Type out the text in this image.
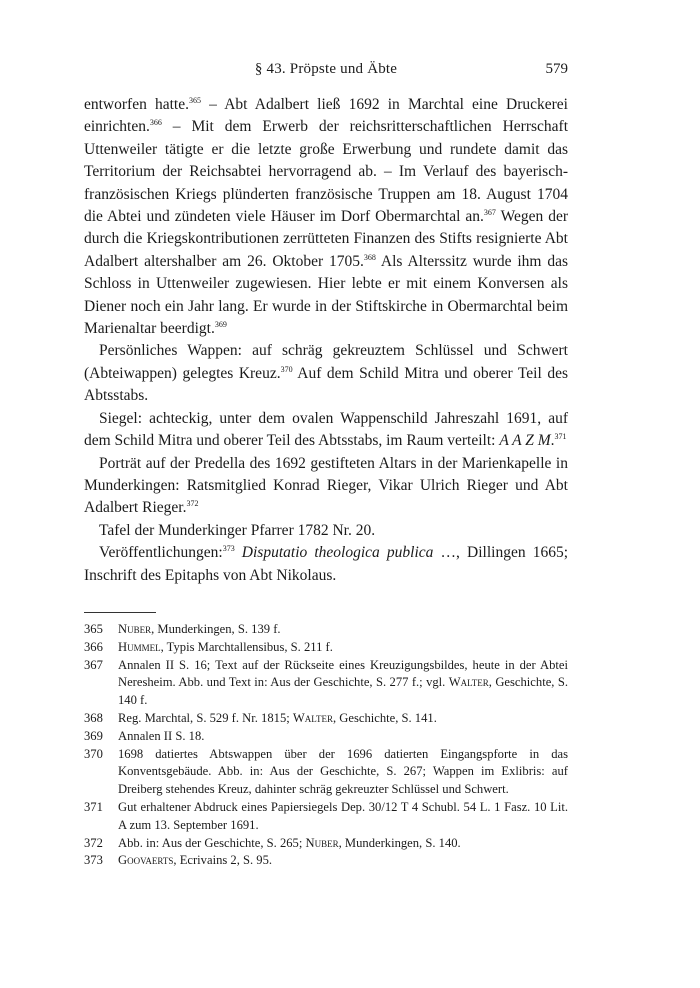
§ 43. Pröpste und Äbte	579

entworfen hatte.$^{365}$ – Abt Adalbert ließ 1692 in Marchtal eine Druckerei einrichten.$^{366}$ – Mit dem Erwerb der reichsritterschaftlichen Herrschaft Uttenweiler tätigte er die letzte große Erwerbung und rundete damit das Territorium der Reichsabtei hervorragend ab. – Im Verlauf des bayerisch-französischen Kriegs plünderten französische Truppen am 18. August 1704 die Abtei und zündeten viele Häuser im Dorf Obermarchtal an.$^{367}$ Wegen der durch die Kriegskontributionen zerrütteten Finanzen des Stifts resignierte Abt Adalbert altershalber am 26. Oktober 1705.$^{368}$ Als Alterssitz wurde ihm das Schloss in Uttenweiler zugewiesen. Hier lebte er mit einem Konversen als Diener noch ein Jahr lang. Er wurde in der Stiftskirche in Obermarchtal beim Marienaltar beerdigt.$^{369}$

Persönliches Wappen: auf schräg gekreuztem Schlüssel und Schwert (Abteiwappen) gelegtes Kreuz.$^{370}$ Auf dem Schild Mitra und oberer Teil des Abtsstabs.

Siegel: achteckig, unter dem ovalen Wappenschild Jahreszahl 1691, auf dem Schild Mitra und oberer Teil des Abtsstabs, im Raum verteilt: A A Z M.$^{371}$

Porträt auf der Predella des 1692 gestifteten Altars in der Marienkapelle in Munderkingen: Ratsmitglied Konrad Rieger, Vikar Ulrich Rieger und Abt Adalbert Rieger.$^{372}$

Tafel der Munderkinger Pfarrer 1782 Nr. 20.

Veröffentlichungen:$^{373}$ Disputatio theologica publica …, Dillingen 1665; Inschrift des Epitaphs von Abt Nikolaus.

365 Nuber, Munderkingen, S. 139 f.
366 Hummel, Typis Marchtallensibus, S. 211 f.
367 Annalen II S. 16; Text auf der Rückseite eines Kreuzigungsbildes, heute in der Abtei Neresheim. Abb. und Text in: Aus der Geschichte, S. 277 f.; vgl. Walter, Geschichte, S. 140 f.
368 Reg. Marchtal, S. 529 f. Nr. 1815; Walter, Geschichte, S. 141.
369 Annalen II S. 18.
370 1698 datiertes Abtswappen über der 1696 datierten Eingangspforte in das Konventsgebäude. Abb. in: Aus der Geschichte, S. 267; Wappen im Exlibris: auf Dreiberg stehendes Kreuz, dahinter schräg gekreuzter Schlüssel und Schwert.
371 Gut erhaltener Abdruck eines Papiersiegels Dep. 30/12 T 4 Schubl. 54 L. 1 Fasz. 10 Lit. A zum 13. September 1691.
372 Abb. in: Aus der Geschichte, S. 265; Nuber, Munderkingen, S. 140.
373 Goovaerts, Ecrivains 2, S. 95.
